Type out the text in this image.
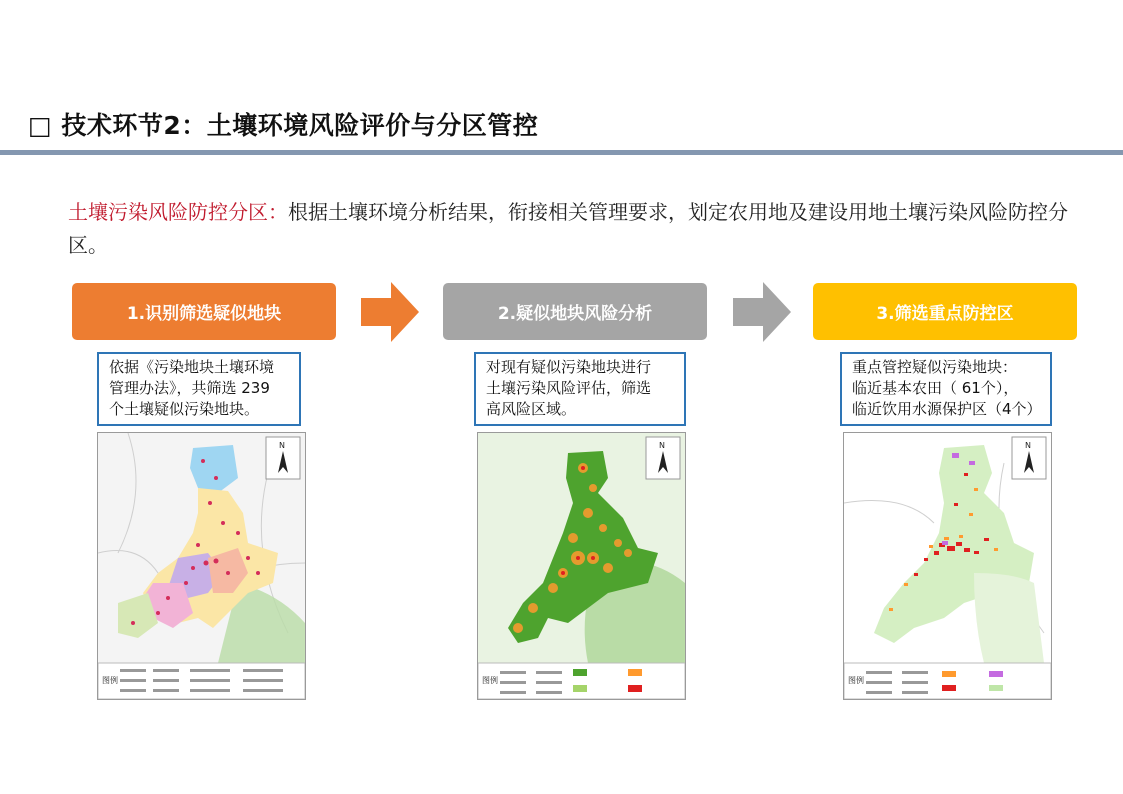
□ 技术环节2：土壤环境风险评价与分区管控
土壤污染风险防控分区：根据土壤环境分析结果，衔接相关管理要求，划定农用地及建设用地土壤污染风险防控分区。
1.识别筛选疑似地块	2.疑似地块风险分析	3.筛选重点防控区
依据《污染地块土壤环境
管理办法》，共筛选 239
个土壤疑似污染地块。
对现有疑似污染地块进行
土壤污染风险评估，筛选
高风险区域。
重点管控疑似污染地块：
临近基本农田（ 61个），
临近饮用水源保护区（4个）
N
图例
N
图例
N
图例
